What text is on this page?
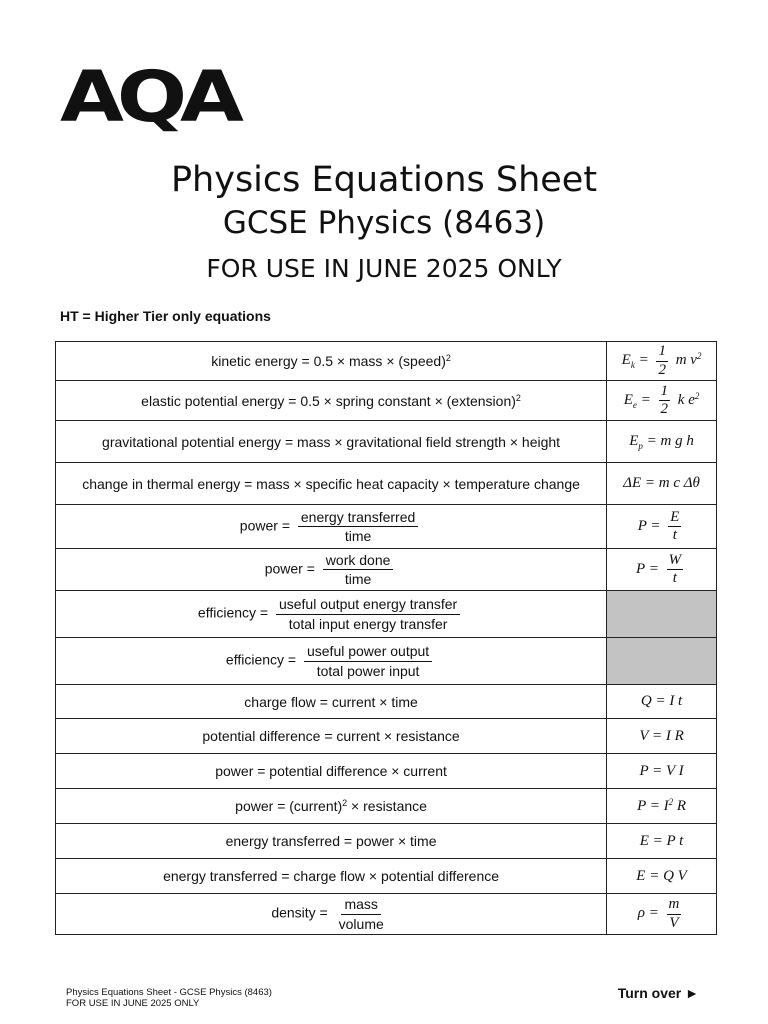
AQA
Physics Equations Sheet
GCSE Physics (8463)
FOR USE IN JUNE 2025 ONLY
HT = Higher Tier only equations
kinetic energy = 0.5 × mass × (speed)$^2$	$E_k = \frac{1}{2}$ m $v^2$
elastic potential energy = 0.5 × spring constant × (extension)$^2$	$E_e = \frac{1}{2}$ k $e^2$
gravitational potential energy = mass × gravitational field strength × height	$E_p = m$ g h
change in thermal energy = mass × specific heat capacity × temperature change	ΔE = m c Δθ
power = $\frac{\text{energy transferred}}{\text{time}}$	$P = \frac{E}{t}$

power = $\frac{\text{work done}}{\text{time}}$	$P = \frac{W}{t}$

efficiency = $\frac{\text{useful output energy transfer}}{\text{total input energy transfer}}$

efficiency = $\frac{\text{useful power output}}{\text{total power input}}$

charge flow = current × time	Q = I t
potential difference = current × resistance	V = I R
power = potential difference × current	P = V I
power = (current)$^2$ × resistance	$P = I^2$ R
energy transferred = power × time	E = P t
energy transferred = charge flow × potential difference	E = Q V
density = $\frac{\text{mass}}{\text{volume}}$	$\rho = \frac{m}{V}$
Physics Equations Sheet - GCSE Physics (8463)
FOR USE IN JUNE 2025 ONLY
Turn over ►
